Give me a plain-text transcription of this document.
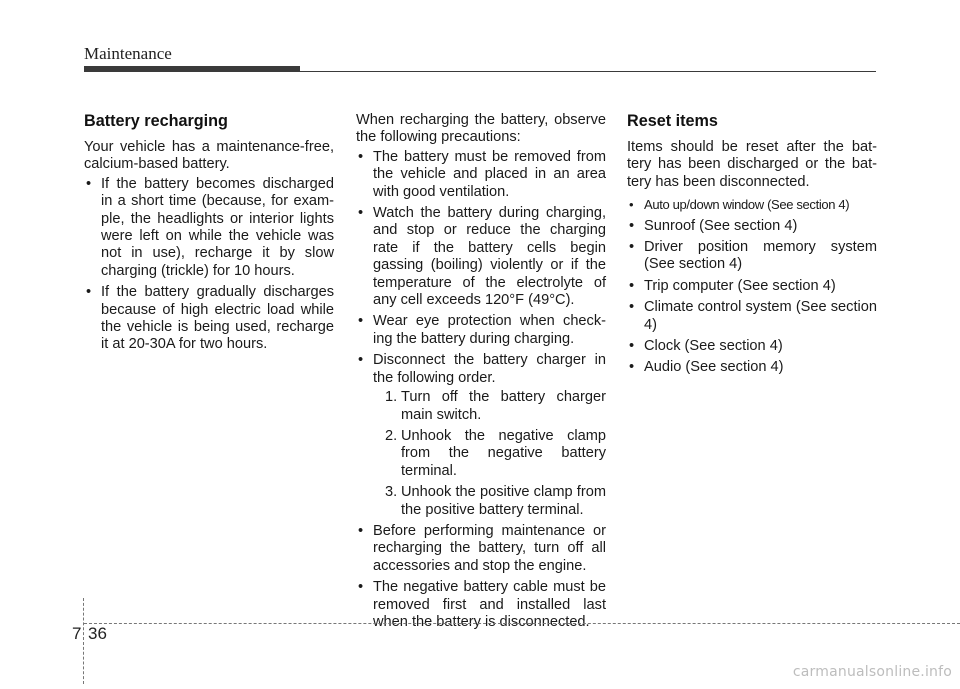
Maintenance
Battery recharging

Your vehicle has a maintenance-free, calcium-based battery.

• If the battery becomes discharged in a short time (because, for exam-ple, the headlights or interior lights were left on while the vehicle was not in use), recharge it by slow charging (trickle) for 10 hours.
• If the battery gradually discharges because of high electric load while the vehicle is being used, recharge it at 20-30A for two hours.

When recharging the battery, observe the following precautions:

• The battery must be removed from the vehicle and placed in an area with good ventilation.
• Watch the battery during charging, and stop or reduce the charging rate if the battery cells begin gassing (boiling) violently or if the temperature of the electrolyte of any cell exceeds 120°F (49°C).
• Wear eye protection when check-ing the battery during charging.
• Disconnect the battery charger in the following order.
1. Turn off the battery charger main switch.
2. Unhook the negative clamp from the negative battery terminal.
3. Unhook the positive clamp from the positive battery terminal.
• Before performing maintenance or recharging the battery, turn off all accessories and stop the engine.
• The negative battery cable must be removed first and installed last when the battery is disconnected.
Reset items

Items should be reset after the bat-tery has been discharged or the bat-tery has been disconnected.

• Auto up/down window (See section 4)
• Sunroof (See section 4)
• Driver position memory system (See section 4)
• Trip computer (See section 4)
• Climate control system (See section 4)
• Clock (See section 4)
• Audio (See section 4)
7 36
carmanualsonline.info
